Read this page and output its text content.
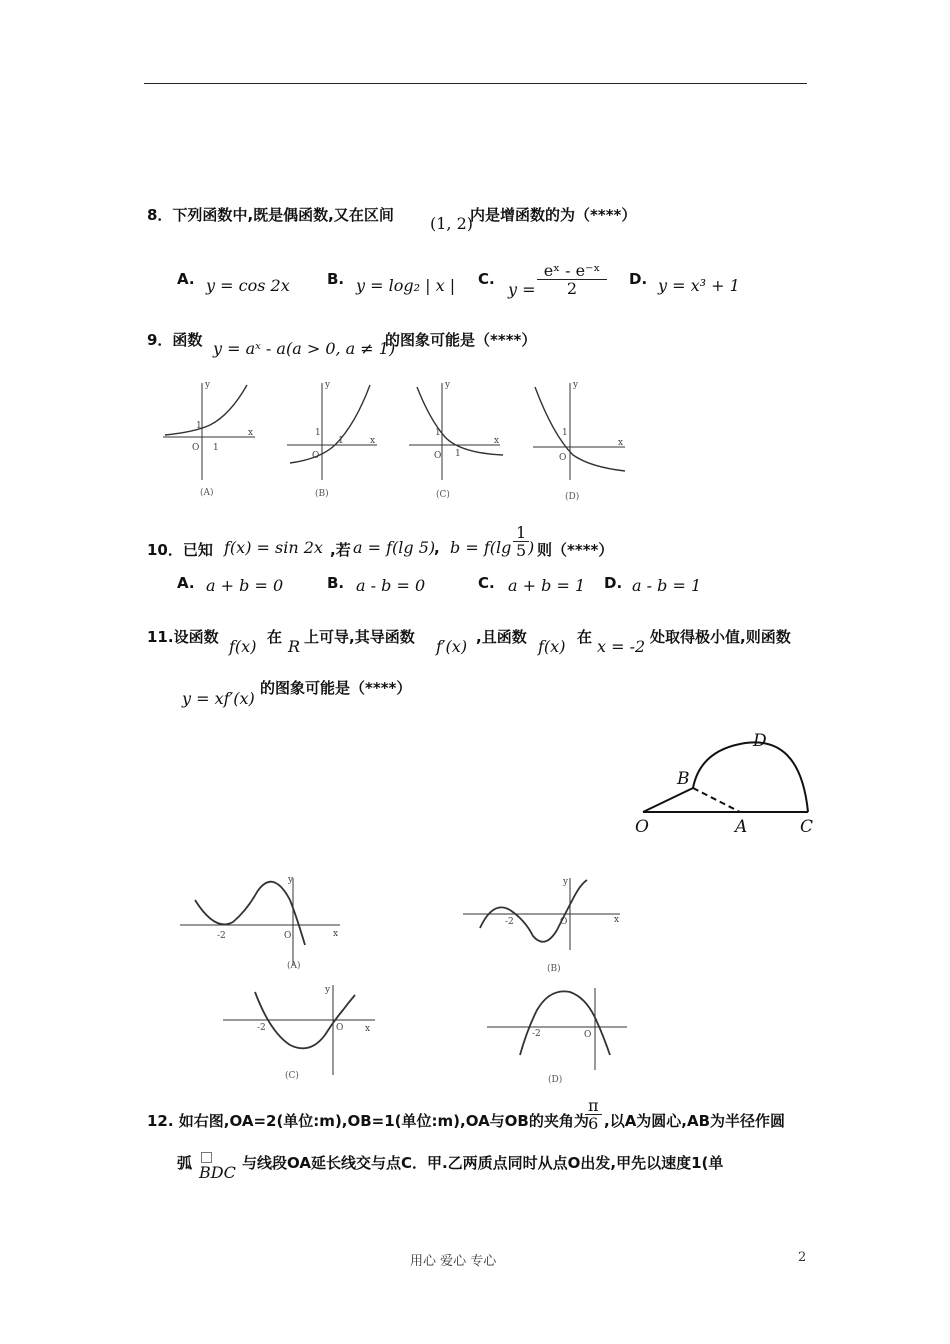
8．下列函数中,既是偶函数,又在区间 (1, 2)
内是增函数的为（****）
A. y = cos 2x B. y = log₂ | x | C.
$y = \frac{\text{eˣ - e⁻ˣ}}{2} D$. y = x³ + 1
9．函数 y = aˣ - a(a > 0, a ≠ 1)
的图象可能是（****）
y
x
O 1
1
y
x
O
1
1
y
x
O
1
1
y
x
O
1
(A)	(B)	(C)	(D)
10．已知 f(x) = sin 2x ,若 a = f(lg 5)
, $b = f(\lg \frac{1}{5}$
) 则（****）
A. a + b = 0	B. a - b = 0	C. a + b = 1 D. a - b = 1
11.设函数 f(x) 在 R 上可导,其导函数 f′(x) ,且函数 f(x) 在 x = -2 处取得极小值,则函数
y = xf′(x)
的图象可能是（****）
-2	O	x
y
-2	O	x
y
-2	O x
y
-2	O
(A)	(B)
(C)	(D)
B
D
O	A	C
12. 如右图,OA=2(单位:m),OB=1(单位:m),OA与OB的夹角为
$\frac{\pi}{6}$ ,以A为圆心,AB为半径作圆
弧 BDC 与线段OA延长线交与点C．甲.乙两质点同时从点O出发,甲先以速度1(单
用心 爱心 专心	2
